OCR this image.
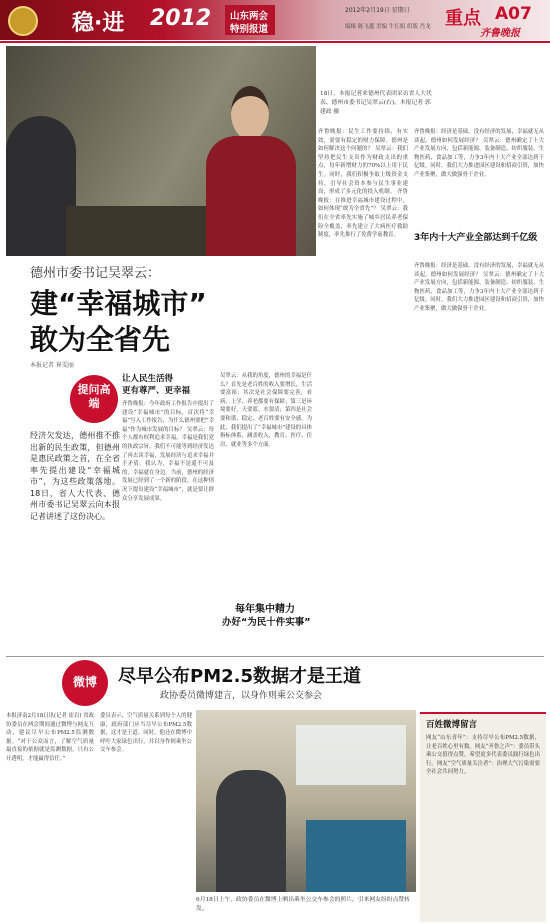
稳·进 2012 山东两会
特别报道
2012年2月19日 星期日
编辑 陈飞越 美编 牛长娟 组版 肖龙 重点 A07
齐鲁晚报
18日，本报记者来德州代表团采访省人大代表、德州市委书记吴翠云(右)。本报记者 郭建政 摄
德州市委书记吴翠云：
建“幸福城市”
敢为全省先
本报记者 崔雯丽
提问高端
经济欠发达，德州推不推出新的民生政策，但德州是惠民政策之首，在全省率先提出建设“幸福城市”，为这些政策落地。18日，省人大代表、德州市委书记吴翠云向本报记者讲述了这份决心。
让人民生活得
更有尊严、更幸福
齐鲁晚报：今年政府工作报告中提出了建设“幸福城市”的目标，首次将“幸福”写入工作报告，为什么德州要把“幸福”作为城市发展的目标？ 吴翠云：每个人都有权利追求幸福，幸福是我们党的执政宗旨。我们不可能等到经济发达了再去谈幸福，发展经济与追求幸福并不矛盾。我认为，幸福不是遥不可及的，幸福就在身边。当前，德州的经济发展已经到了一个新的阶段，在这种情况下提出建设“幸福城市”，就是要让群众分享发展成果。
吴翠云：从我的角度，德州的幸福是什么？首先是老百姓的收入要增长，生活要富裕；其次是社会保障要完善，看病、上学、养老都要有保障；第三是环境要好，天要蓝、水要清；第四是社会要和谐、稳定，老百姓要有安全感。为此，我们提出了“幸福城市”建设的具体指标体系，涵盖收入、教育、医疗、住房、就业等多个方面。
每年集中精力
办好“为民十件实事”
齐鲁晚报：民生工作要持续、有实效，需要有稳定的财力保障。德州是如何解决这个问题的？ 吴翠云：我们坚持把民生支出作为财政支出的重点，每年新增财力的70%以上用于民生。同时，我们积极争取上级资金支持，引导社会资本参与民生事业建设，形成了多元化的投入机制。 齐鲁晚报：在推进幸福城市建设过程中，如何体现“敢为全省先”？ 吴翠云：我们在全省率先实施了城乡居民养老保险全覆盖，率先建立了大病医疗救助制度，率先推行了免费学前教育。	3年内十大产业全部达到千亿级
齐鲁晚报：经济是基础，没有经济的发展，幸福就无从谈起。德州如何发展经济？ 吴翠云：德州确定了十大产业发展方向，包括新能源、装备制造、纺织服装、生物医药、食品加工等，力争3年内十大产业全部达到千亿级。同时，我们大力推进园区建设和招商引资，加快产业集聚，做大做强骨干企业。
齐鲁晚报：经济是基础，没有经济的发展，幸福就无从谈起。德州如何发展经济？ 吴翠云：德州确定了十大产业发展方向，包括新能源、装备制造、纺织服装、生物医药、食品加工等，力争3年内十大产业全部达到千亿级。同时，我们大力推进园区建设和招商引资，加快产业集聚，做大做强骨干企业。
微博 尽早公布PM2.5数据才是王道
政协委员微博建言，以身作则乘公交参会
本报济南2月18日讯(记者 崔岩) 省政协委员在两会期间通过微博与网友互动，建议尽早公布PM2.5监测数据。“对于公众而言，了解空气质量最直接的依据就是监测数据，只有公开透明，才能赢得信任。”
委员表示，空气质量关系到每个人的健康，政府部门应当尽早公布PM2.5数据，这才是王道。同时，他还在微博中呼吁大家绿色出行，并以身作则乘坐公交车参会。
6月18日上午，政协委员在微博上晒出乘坐公交车参会的照片，引来网友纷纷点赞转发。
百姓微博留言
网友“山东青年”：支持尽早公布PM2.5数据，让老百姓心里有数。网友“齐鲁之声”：委员带头乘公交值得点赞，希望更多代表委员践行绿色出行。网友“空气质量关注者”：治理大气污染需要全社会共同努力。
